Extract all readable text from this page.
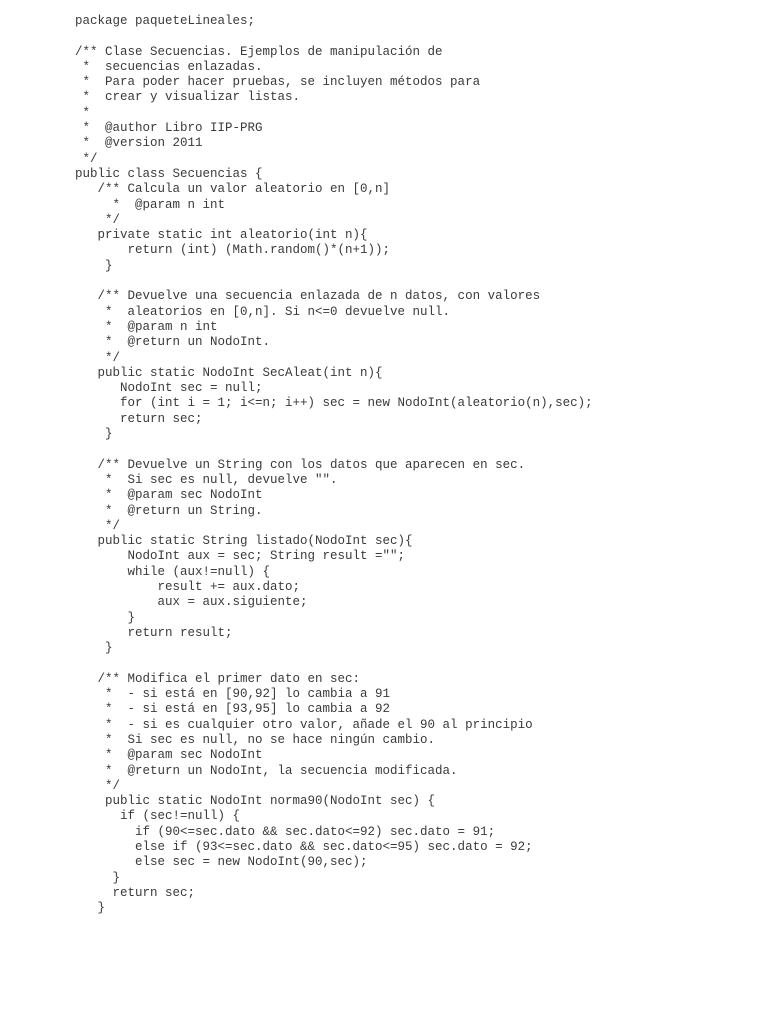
package paqueteLineales;
/** Clase Secuencias. Ejemplos de manipulación de
*  secuencias enlazadas.
*  Para poder hacer pruebas, se incluyen métodos para
*  crear y visualizar listas.
*
*  @author Libro IIP-PRG
*  @version 2011
*/
public class Secuencias {
/** Calcula un valor aleatorio en [0,n]
*  @param n int
*/
private static int aleatorio(int n){
return (int) (Math.random()*(n+1));
}
/** Devuelve una secuencia enlazada de n datos, con valores
*  aleatorios en [0,n]. Si n<=0 devuelve null.
*  @param n int
*  @return un NodoInt.
*/
public static NodoInt SecAleat(int n){
NodoInt sec = null;
for (int i = 1; i<=n; i++) sec = new NodoInt(aleatorio(n),sec);
return sec;
}
/** Devuelve un String con los datos que aparecen en sec.
*  Si sec es null, devuelve "".
*  @param sec NodoInt
*  @return un String.
*/
public static String listado(NodoInt sec){
NodoInt aux = sec; String result ="";
while (aux!=null) {
result += aux.dato;
aux = aux.siguiente;
}
return result;
}
/** Modifica el primer dato en sec:
*  - si está en [90,92] lo cambia a 91
*  - si está en [93,95] lo cambia a 92
*  - si es cualquier otro valor, añade el 90 al principio
*  Si sec es null, no se hace ningún cambio.
*  @param sec NodoInt
*  @return un NodoInt, la secuencia modificada.
*/
public static NodoInt norma90(NodoInt sec) {
if (sec!=null) {
if (90<=sec.dato && sec.dato<=92) sec.dato = 91;
else if (93<=sec.dato && sec.dato<=95) sec.dato = 92;
else sec = new NodoInt(90,sec);
}
return sec;
}
